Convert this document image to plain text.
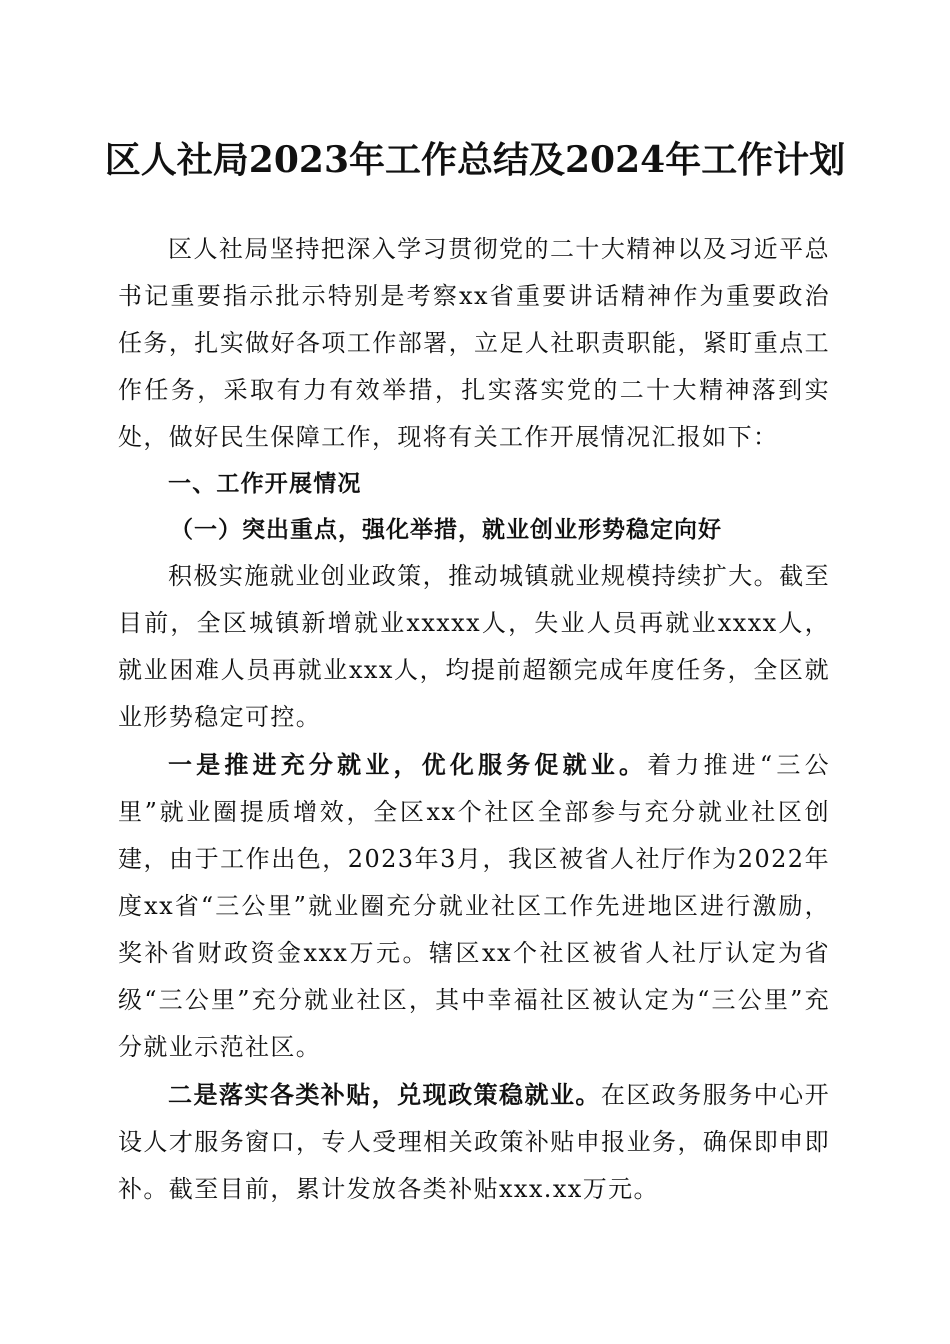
区人社局2023年工作总结及2024年工作计划

区人社局坚持把深入学习贯彻党的二十大精神以及习近平总书记重要指示批示特别是考察xx省重要讲话精神作为重要政治任务，扎实做好各项工作部署，立足人社职责职能，紧盯重点工作任务，采取有力有效举措，扎实落实党的二十大精神落到实处，做好民生保障工作，现将有关工作开展情况汇报如下：

一、工作开展情况

（一）突出重点，强化举措，就业创业形势稳定向好

积极实施就业创业政策，推动城镇就业规模持续扩大。截至目前，全区城镇新增就业xxxxx人，失业人员再就业xxxx人，就业困难人员再就业xxx人，均提前超额完成年度任务，全区就业形势稳定可控。

一是推进充分就业，优化服务促就业。着力推进“三公里”就业圈提质增效，全区xx个社区全部参与充分就业社区创建，由于工作出色，2023年3月，我区被省人社厅作为2022年度xx省“三公里”就业圈充分就业社区工作先进地区进行激励，奖补省财政资金xxx万元。辖区xx个社区被省人社厅认定为省级“三公里”充分就业社区，其中幸福社区被认定为“三公里”充分就业示范社区。

二是落实各类补贴，兑现政策稳就业。在区政务服务中心开设人才服务窗口，专人受理相关政策补贴申报业务，确保即申即补。截至目前，累计发放各类补贴xxx.xx万元。
